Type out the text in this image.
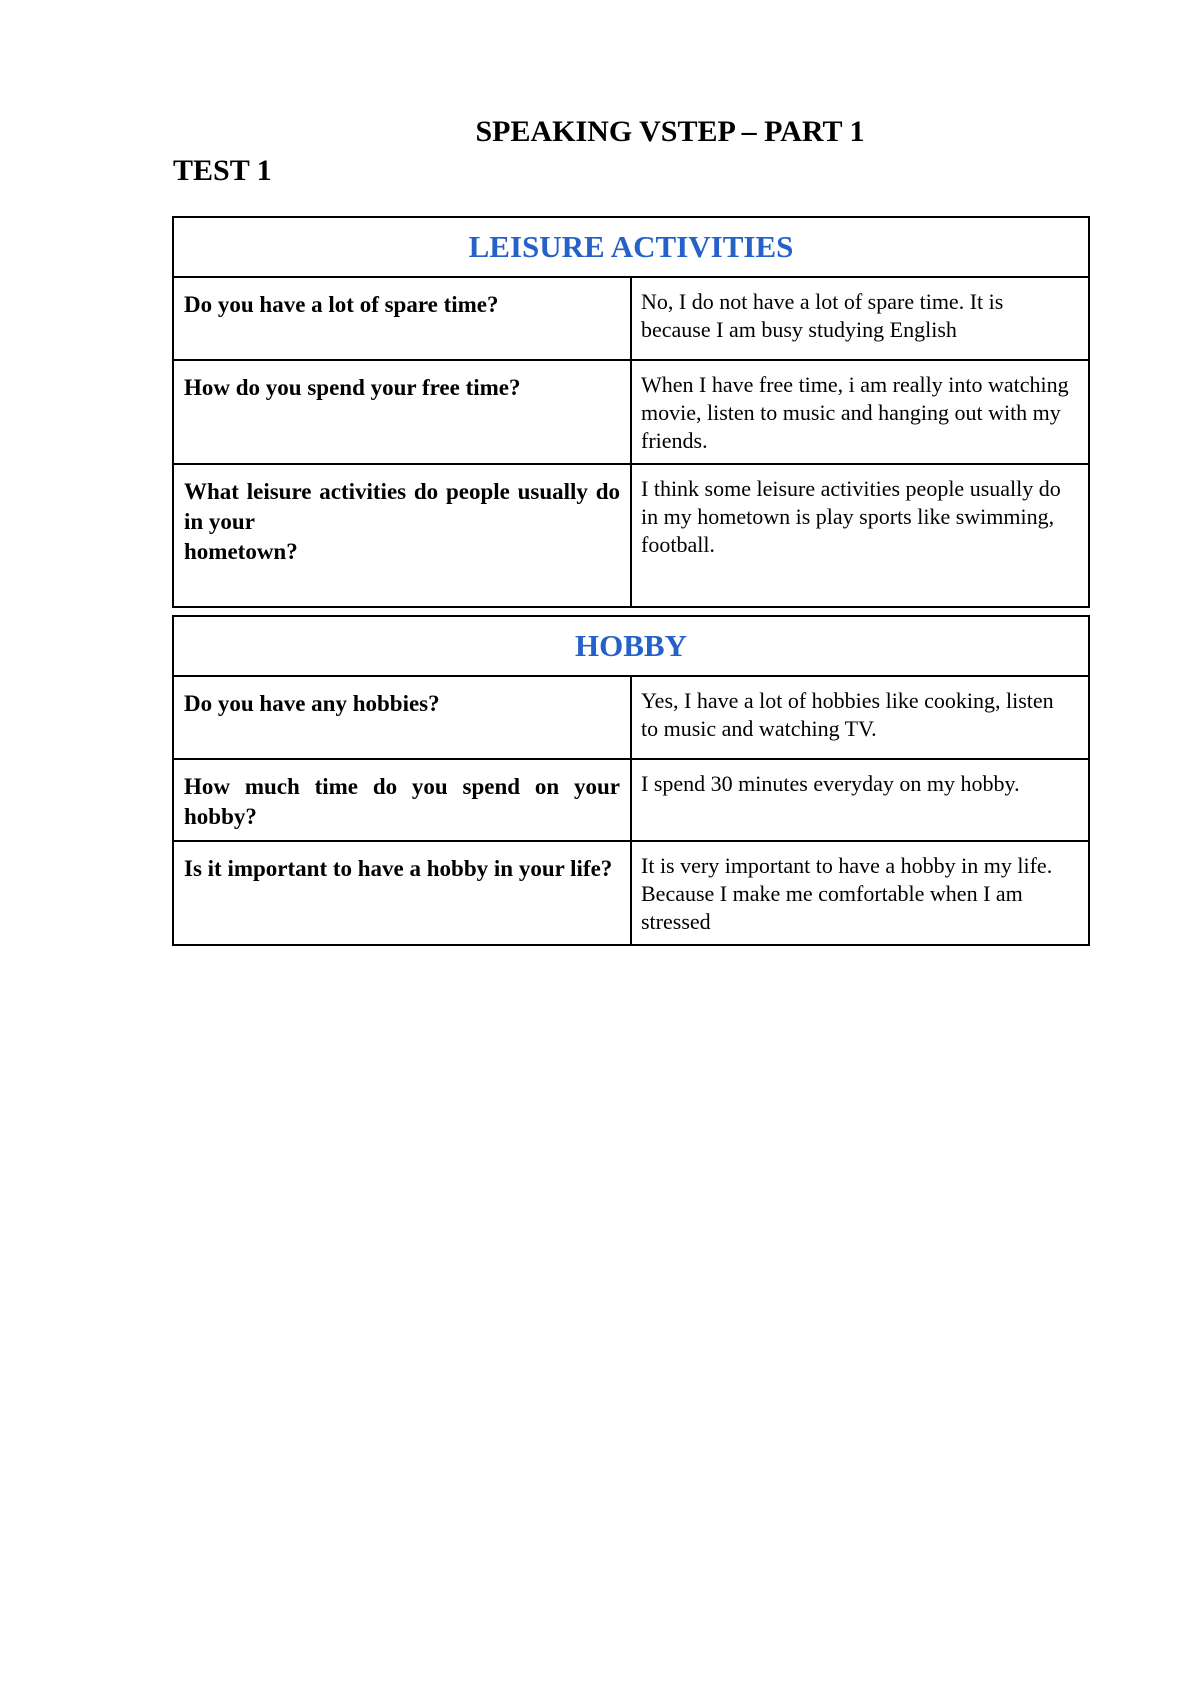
SPEAKING VSTEP – PART 1
TEST 1
LEISURE ACTIVITIES	
Do you have a lot of spare time?	No, I do not have a lot of spare time. It is because I am busy studying English
How do you spend your free time?	When I have free time, i am really into watching movie, listen to music and hanging out with my friends.
What leisure activities do people usually do in your
hometown?	I think some leisure activities people usually do in my hometown is play sports like swimming, football.
HOBBY	
Do you have any hobbies?	Yes, I have a lot of hobbies like cooking, listen to music and watching TV.
How much time do you spend on your hobby?	I spend 30 minutes everyday on my hobby.
Is it important to have a hobby in your life?	It is very important to have a hobby in my life. Because I make me comfortable when I am stressed
